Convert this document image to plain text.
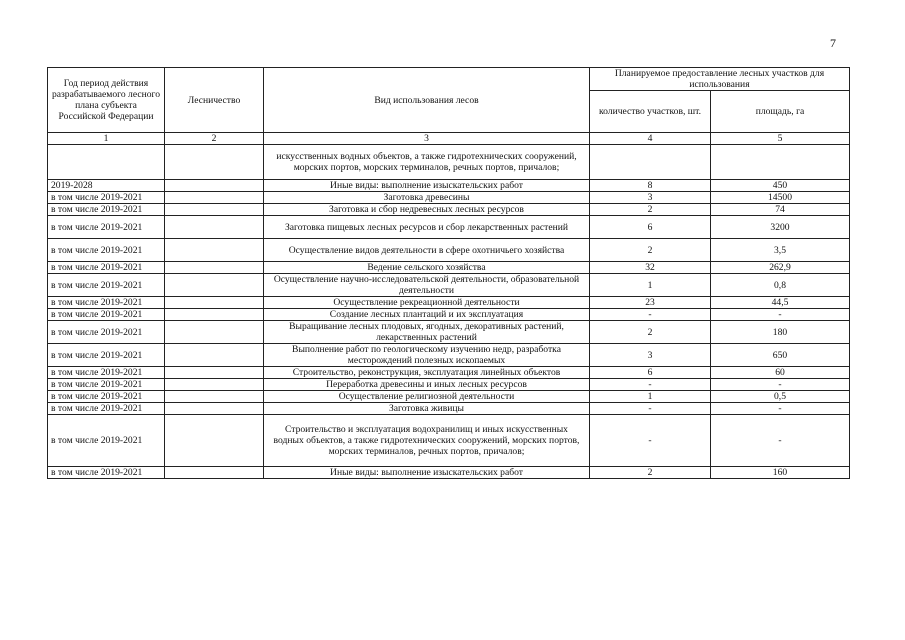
7
Год период действия разрабатываемого лесного плана субъекта Российской Федерации	Лесничество	Вид использования лесов	Планируемое предоставление лесных участков для использования	
			количество участков, шт.	площадь, га
1	2	3	4	5
		искусственных водных объектов, а также гидротехнических сооружений, морских портов, морских терминалов, речных портов, причалов;		
2019-2028		Иные виды: выполнение изыскательских работ	8	450
в том числе 2019-2021		Заготовка древесины	3	14500
в том числе 2019-2021		Заготовка и сбор недревесных лесных ресурсов	2	74
в том числе 2019-2021		Заготовка пищевых лесных ресурсов и сбор лекарственных растений	6	3200
в том числе 2019-2021		Осуществление видов деятельности в сфере охотничьего хозяйства	2	3,5
в том числе 2019-2021		Ведение сельского хозяйства	32	262,9
в том числе 2019-2021		Осуществление научно-исследовательской деятельности, образовательной деятельности	1	0,8
в том числе 2019-2021		Осуществление рекреационной деятельности	23	44,5
в том числе 2019-2021		Создание лесных плантаций и их эксплуатация	-	-
в том числе 2019-2021		Выращивание лесных плодовых, ягодных, декоративных растений, лекарственных растений	2	180
в том числе 2019-2021		Выполнение работ по геологическому изучению недр, разработка месторождений полезных ископаемых	3	650
в том числе 2019-2021		Строительство, реконструкция, эксплуатация линейных объектов	6	60
в том числе 2019-2021		Переработка древесины и иных лесных ресурсов	-	-
в том числе 2019-2021		Осуществление религиозной деятельности	1	0,5
в том числе 2019-2021		Заготовка живицы	-	-
в том числе 2019-2021		Строительство и эксплуатация водохранилищ и иных искусственных водных объектов, а также гидротехнических сооружений, морских портов, морских терминалов, речных портов, причалов;	-	-
в том числе 2019-2021		Иные виды: выполнение изыскательских работ	2	160
